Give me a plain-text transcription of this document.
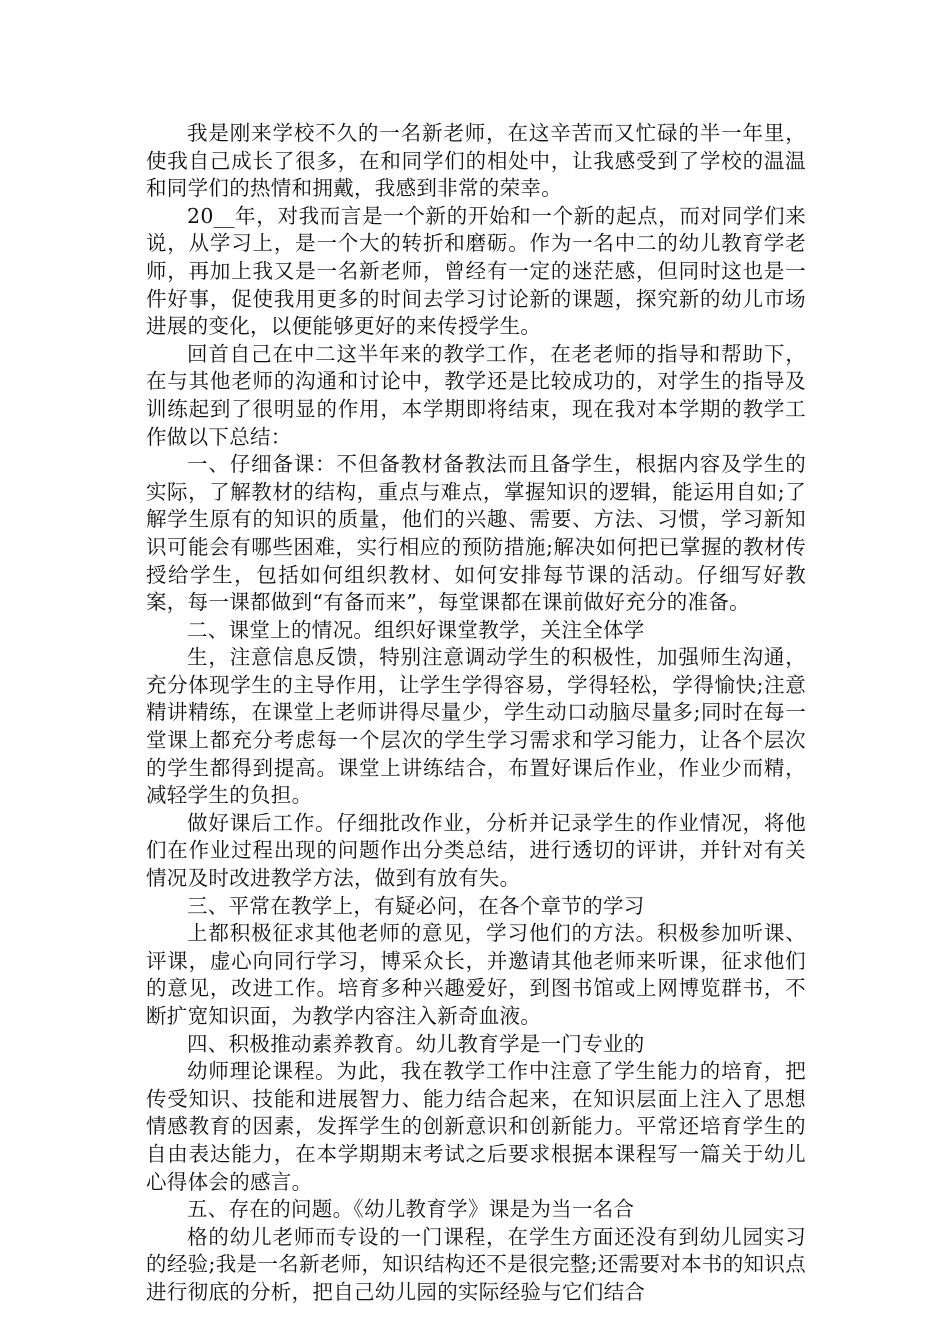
我是刚来学校不久的一名新老师，在这辛苦而又忙碌的半一年里，使我自己成长了很多，在和同学们的相处中，让我感受到了学校的温温和同学们的热情和拥戴，我感到非常的荣幸。

20__年，对我而言是一个新的开始和一个新的起点，而对同学们来说，从学习上，是一个大的转折和磨砺。作为一名中二的幼儿教育学老师，再加上我又是一名新老师，曾经有一定的迷茫感，但同时这也是一件好事，促使我用更多的时间去学习讨论新的课题，探究新的幼儿市场进展的变化，以便能够更好的来传授学生。

回首自己在中二这半年来的教学工作，在老老师的指导和帮助下，在与其他老师的沟通和讨论中，教学还是比较成功的，对学生的指导及训练起到了很明显的作用，本学期即将结束，现在我对本学期的教学工作做以下总结：

一、仔细备课：不但备教材备教法而且备学生，根据内容及学生的实际，了解教材的结构，重点与难点，掌握知识的逻辑，能运用自如;了解学生原有的知识的质量，他们的兴趣、需要、方法、习惯，学习新知识可能会有哪些困难，实行相应的预防措施;解决如何把已掌握的教材传授给学生，包括如何组织教材、如何安排每节课的活动。仔细写好教案，每一课都做到“有备而来”，每堂课都在课前做好充分的准备。

二、课堂上的情况。组织好课堂教学，关注全体学

生，注意信息反馈，特别注意调动学生的积极性，加强师生沟通，充分体现学生的主导作用，让学生学得容易，学得轻松，学得愉快;注意精讲精练，在课堂上老师讲得尽量少，学生动口动脑尽量多;同时在每一堂课上都充分考虑每一个层次的学生学习需求和学习能力，让各个层次的学生都得到提高。课堂上讲练结合，布置好课后作业，作业少而精，减轻学生的负担。

做好课后工作。仔细批改作业，分析并记录学生的作业情况，将他们在作业过程出现的问题作出分类总结，进行透切的评讲，并针对有关情况及时改进教学方法，做到有放有失。

三、平常在教学上，有疑必问，在各个章节的学习

上都积极征求其他老师的意见，学习他们的方法。积极参加听课、评课，虚心向同行学习，博采众长，并邀请其他老师来听课，征求他们的意见，改进工作。培育多种兴趣爱好，到图书馆或上网博览群书，不断扩宽知识面，为教学内容注入新奇血液。

四、积极推动素养教育。幼儿教育学是一门专业的

幼师理论课程。为此，我在教学工作中注意了学生能力的培育，把传受知识、技能和进展智力、能力结合起来，在知识层面上注入了思想情感教育的因素，发挥学生的创新意识和创新能力。平常还培育学生的自由表达能力，在本学期期末考试之后要求根据本课程写一篇关于幼儿心得体会的感言。

五、存在的问题。《幼儿教育学》课是为当一名合

格的幼儿老师而专设的一门课程，在学生方面还没有到幼儿园实习的经验;我是一名新老师，知识结构还不是很完整;还需要对本书的知识点进行彻底的分析，把自己幼儿园的实际经验与它们结合
